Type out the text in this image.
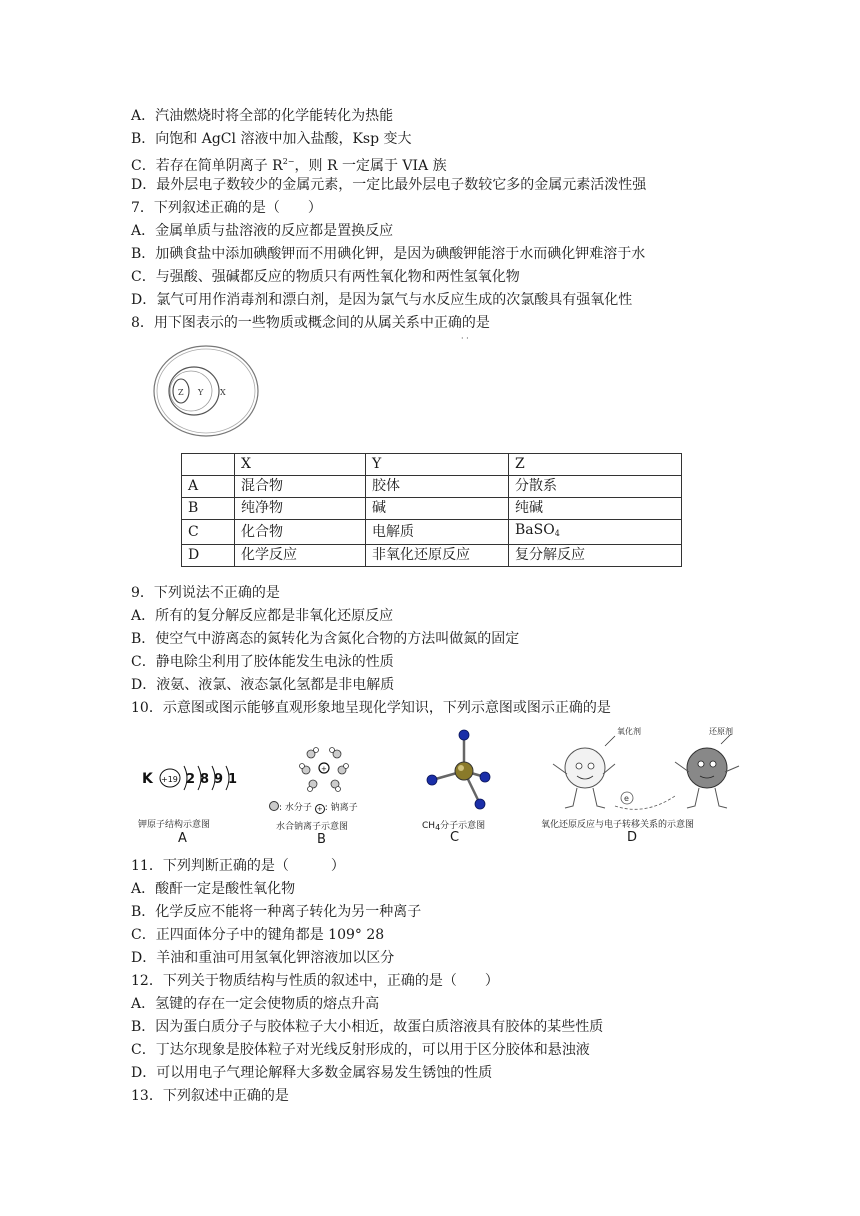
A．汽油燃烧时将全部的化学能转化为热能
B．向饱和 AgCl 溶液中加入盐酸，Ksp 变大
C．若存在简单阴离子 $R^{2-}$，则 R 一定属于 VIA 族
D．最外层电子数较少的金属元素，一定比最外层电子数较它多的金属元素活泼性强
7．下列叙述正确的是（　　）
A．金属单质与盐溶液的反应都是置换反应
B．加碘食盐中添加碘酸钾而不用碘化钾，是因为碘酸钾能溶于水而碘化钾难溶于水
C．与强酸、强碱都反应的物质只有两性氧化物和两性氢氧化物
D．氯气可用作消毒剂和漂白剂，是因为氯气与水反应生成的次氯酸具有强氧化性
8．用下图表示的一些物质或概念间的从属关系中正确的是
· ·
Z Y X
	X	Y	Z
A	混合物	胶体	分散系
B	纯净物	碱	纯碱
C	化合物	电解质	BaSO$_4$
D	化学反应	非氧化还原反应	复分解反应
9．下列说法不正确的是
A．所有的复分解反应都是非氧化还原反应
B．使空气中游离态的氮转化为含氮化合物的方法叫做氮的固定
C．静电除尘利用了胶体能发生电泳的性质
D．液氨、液氯、液态氯化氢都是非电解质
10．示意图或图示能够直观形象地呈现化学知识，下列示意图或图示正确的是
K +19 2 8 9 1
钾原子结构示意图
A
+
: 水分子 + : 钠离子
水合钠离子示意图
B
$CH_4$分子示意图
C
e
氧化剂	还原剂
氧化还原反应与电子转移关系的示意图
D
11．下列判断正确的是（　　　）
A．酸酐一定是酸性氧化物
B．化学反应不能将一种离子转化为另一种离子
C．正四面体分子中的键角都是 109° 28
D．羊油和重油可用氢氧化钾溶液加以区分
12．下列关于物质结构与性质的叙述中，正确的是（　　）
A．氢键的存在一定会使物质的熔点升高
B．因为蛋白质分子与胶体粒子大小相近，故蛋白质溶液具有胶体的某些性质
C．丁达尔现象是胶体粒子对光线反射形成的，可以用于区分胶体和悬浊液
D．可以用电子气理论解释大多数金属容易发生锈蚀的性质
13．下列叙述中正确的是
